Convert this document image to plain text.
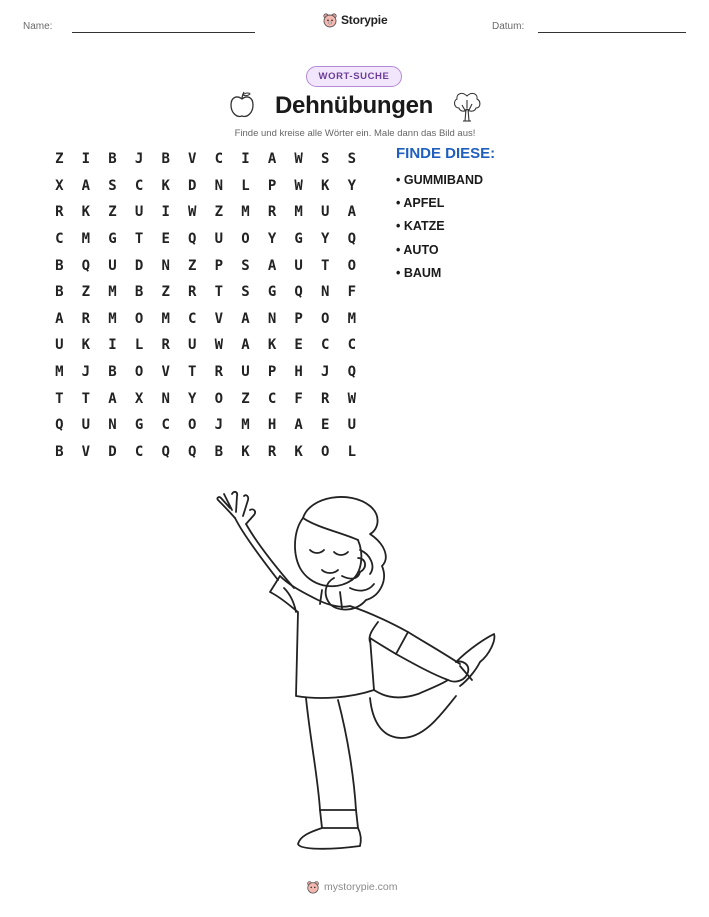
Name:	Storypie	Datum:
WORT-SUCHE
Dehnübungen
Finde und kreise alle Wörter ein. Male dann das Bild aus!
Z	I	B	J	B	V	C	I	A	W	S	S
X	A	S	C	K	D	N	L	P	W	K	Y
R	K	Z	U	I	W	Z	M	R	M	U	A
C	M	G	T	E	Q	U	O	Y	G	Y	Q
B	Q	U	D	N	Z	P	S	A	U	T	O
B	Z	M	B	Z	R	T	S	G	Q	N	F
A	R	M	O	M	C	V	A	N	P	O	M
U	K	I	L	R	U	W	A	K	E	C	C
M	J	B	O	V	T	R	U	P	H	J	Q
T	T	A	X	N	Y	O	Z	C	F	R	W
Q	U	N	G	C	O	J	M	H	A	E	U
B	V	D	C	Q	Q	B	K	R	K	O	L
FINDE DIESE:
• GUMMIBAND
• APFEL
• KATZE
• AUTO
• BAUM
mystorypie.com
